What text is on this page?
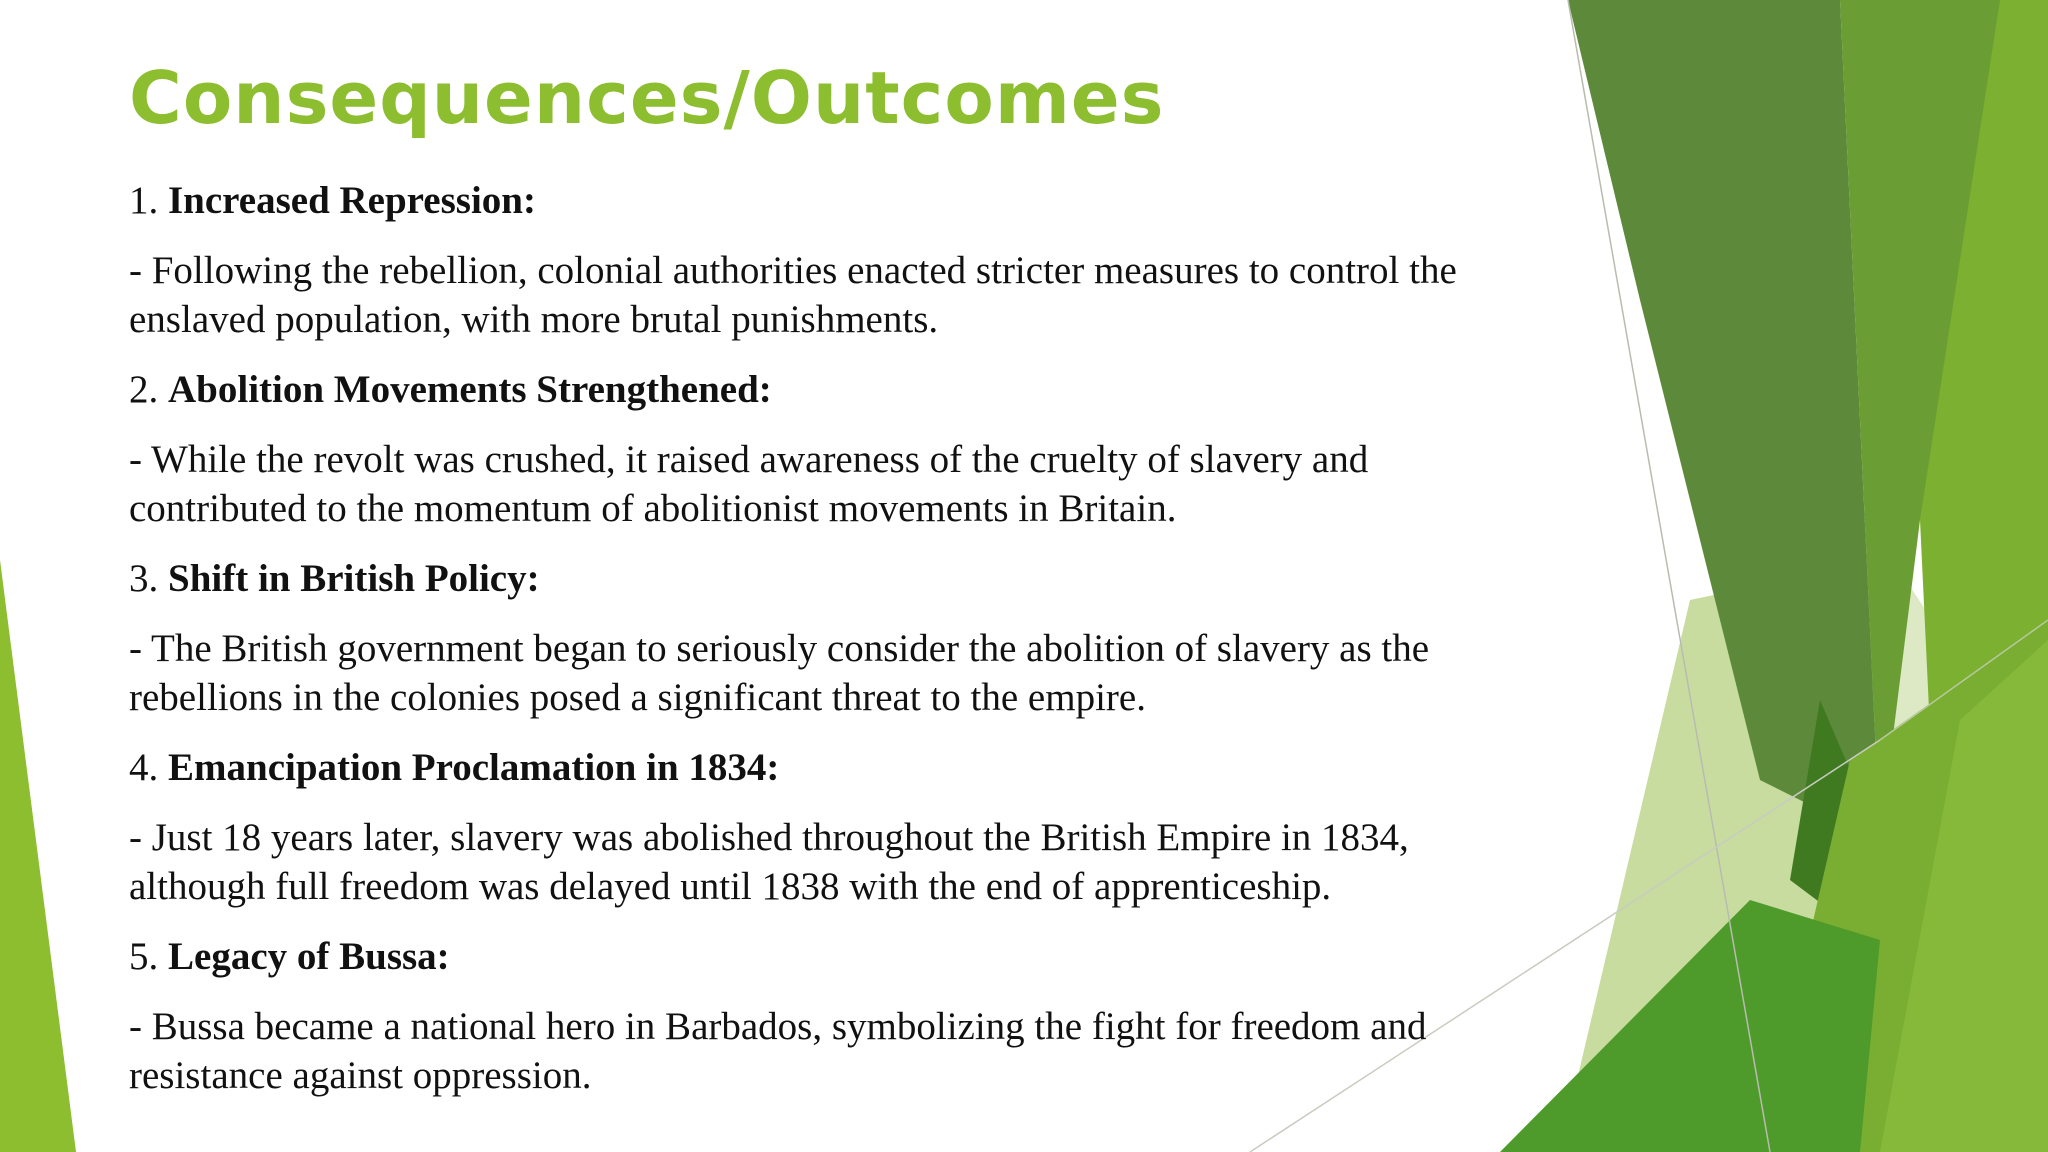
Consequences/Outcomes

1. Increased Repression:

- Following the rebellion, colonial authorities enacted stricter measures to control the
enslaved population, with more brutal punishments.

2. Abolition Movements Strengthened:

- While the revolt was crushed, it raised awareness of the cruelty of slavery and
contributed to the momentum of abolitionist movements in Britain.

3. Shift in British Policy:

- The British government began to seriously consider the abolition of slavery as the
rebellions in the colonies posed a significant threat to the empire.

4. Emancipation Proclamation in 1834:

- Just 18 years later, slavery was abolished throughout the British Empire in 1834,
although full freedom was delayed until 1838 with the end of apprenticeship.

5. Legacy of Bussa:

- Bussa became a national hero in Barbados, symbolizing the fight for freedom and
resistance against oppression.
